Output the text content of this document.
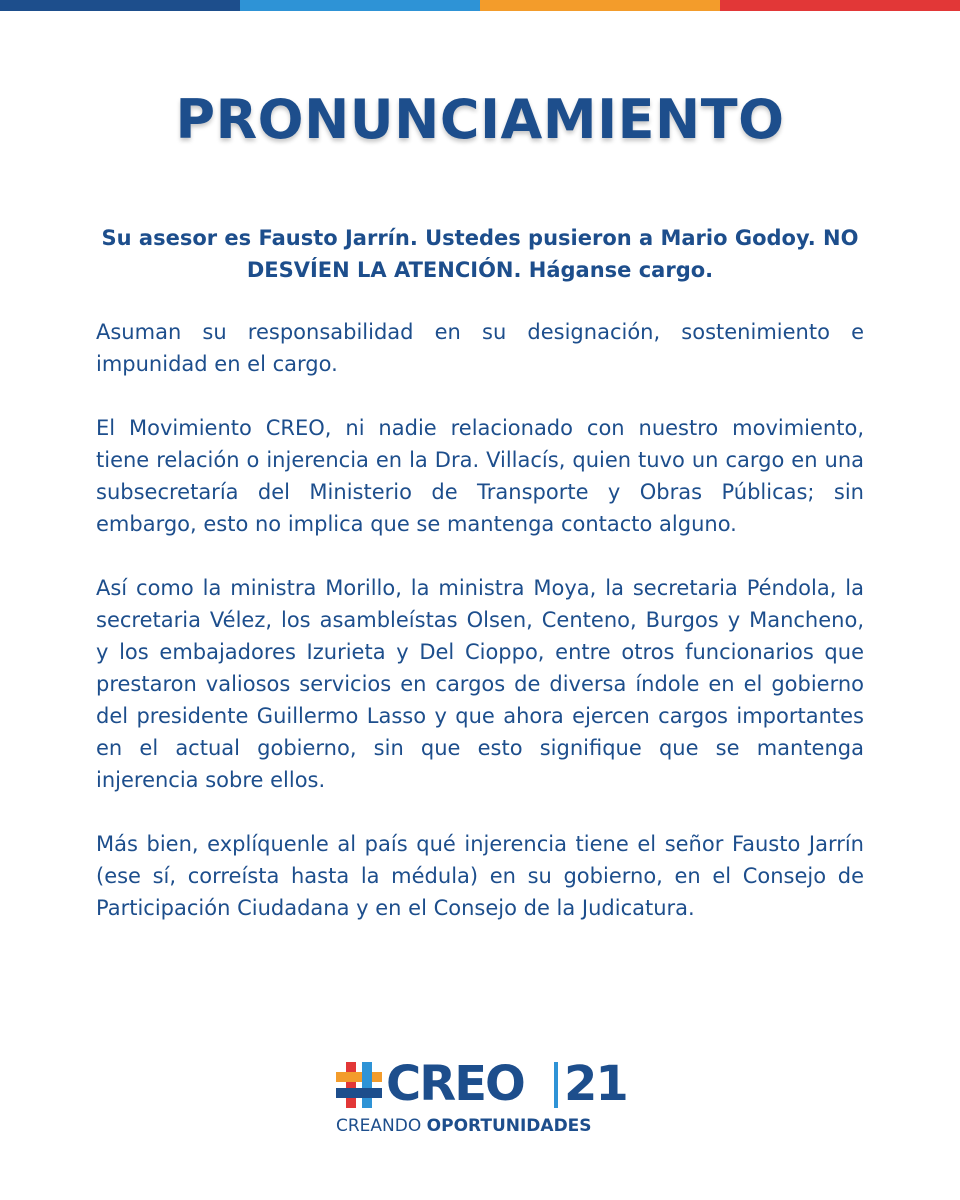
PRONUNCIAMIENTO
Su asesor es Fausto Jarrín. Ustedes pusieron a Mario Godoy. NO DESVÍEN LA ATENCIÓN. Háganse cargo.

Asuman su responsabilidad en su designación, sostenimiento e impunidad en el cargo.

El Movimiento CREO, ni nadie relacionado con nuestro movimiento, tiene relación o injerencia en la Dra. Villacís, quien tuvo un cargo en una subsecretaría del Ministerio de Transporte y Obras Públicas; sin embargo, esto no implica que se mantenga contacto alguno.

Así como la ministra Morillo, la ministra Moya, la secretaria Péndola, la secretaria Vélez, los asambleístas Olsen, Centeno, Burgos y Mancheno, y los embajadores Izurieta y Del Cioppo, entre otros funcionarios que prestaron valiosos servicios en cargos de diversa índole en el gobierno del presidente Guillermo Lasso y que ahora ejercen cargos importantes en el actual gobierno, sin que esto signifique que se mantenga injerencia sobre ellos.

Más bien, explíquenle al país qué injerencia tiene el señor Fausto Jarrín (ese sí, correísta hasta la médula) en su gobierno, en el Consejo de Participación Ciudadana y en el Consejo de la Judicatura.

CREO 21
CREANDO OPORTUNIDADES
